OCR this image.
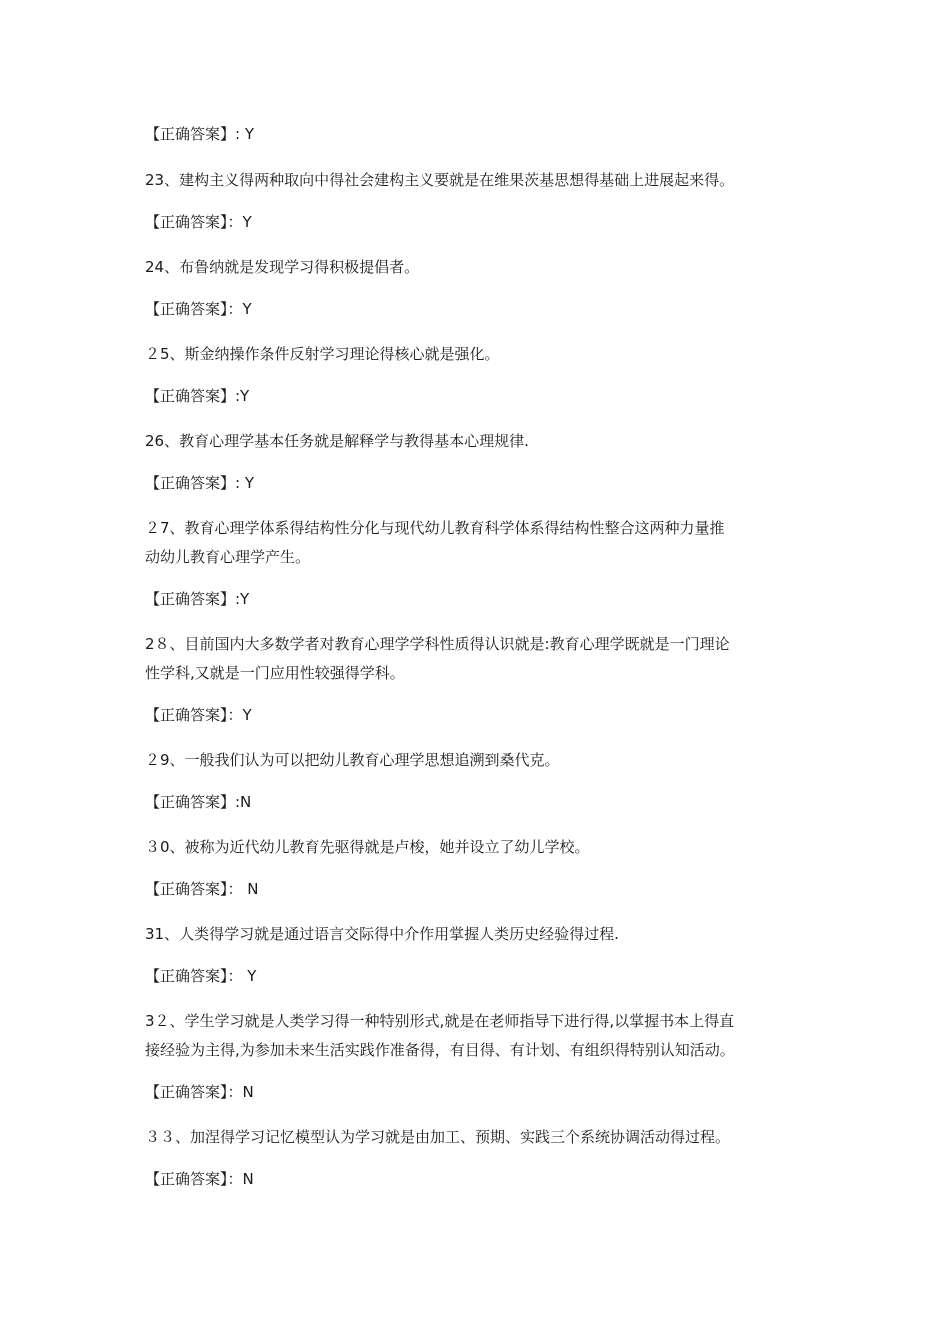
【正确答案】: Y
23、建构主义得两种取向中得社会建构主义要就是在维果茨基思想得基础上进展起来得。
【正确答案】：Y
24、布鲁纳就是发现学习得积极提倡者。
【正确答案】：Y
２5、斯金纳操作条件反射学习理论得核心就是强化。
【正确答案】:Y
26、教育心理学基本任务就是解释学与教得基本心理规律.
【正确答案】: Y
２7、教育心理学体系得结构性分化与现代幼儿教育科学体系得结构性整合这两种力量推
动幼儿教育心理学产生。
【正确答案】:Y
2８、目前国内大多数学者对教育心理学学科性质得认识就是:教育心理学既就是一门理论
性学科,又就是一门应用性较强得学科。
【正确答案】：Y
２9、一般我们认为可以把幼儿教育心理学思想追溯到桑代克。
【正确答案】:N
３0、被称为近代幼儿教育先驱得就是卢梭，她并设立了幼儿学校。
【正确答案】： N
31、人类得学习就是通过语言交际得中介作用掌握人类历史经验得过程.
【正确答案】： Y
3２、学生学习就是人类学习得一种特别形式,就是在老师指导下进行得,以掌握书本上得直
接经验为主得,为参加未来生活实践作准备得，有目得、有计划、有组织得特别认知活动。
【正确答案】：N
３３、加涅得学习记忆模型认为学习就是由加工、预期、实践三个系统协调活动得过程。
【正确答案】：N
